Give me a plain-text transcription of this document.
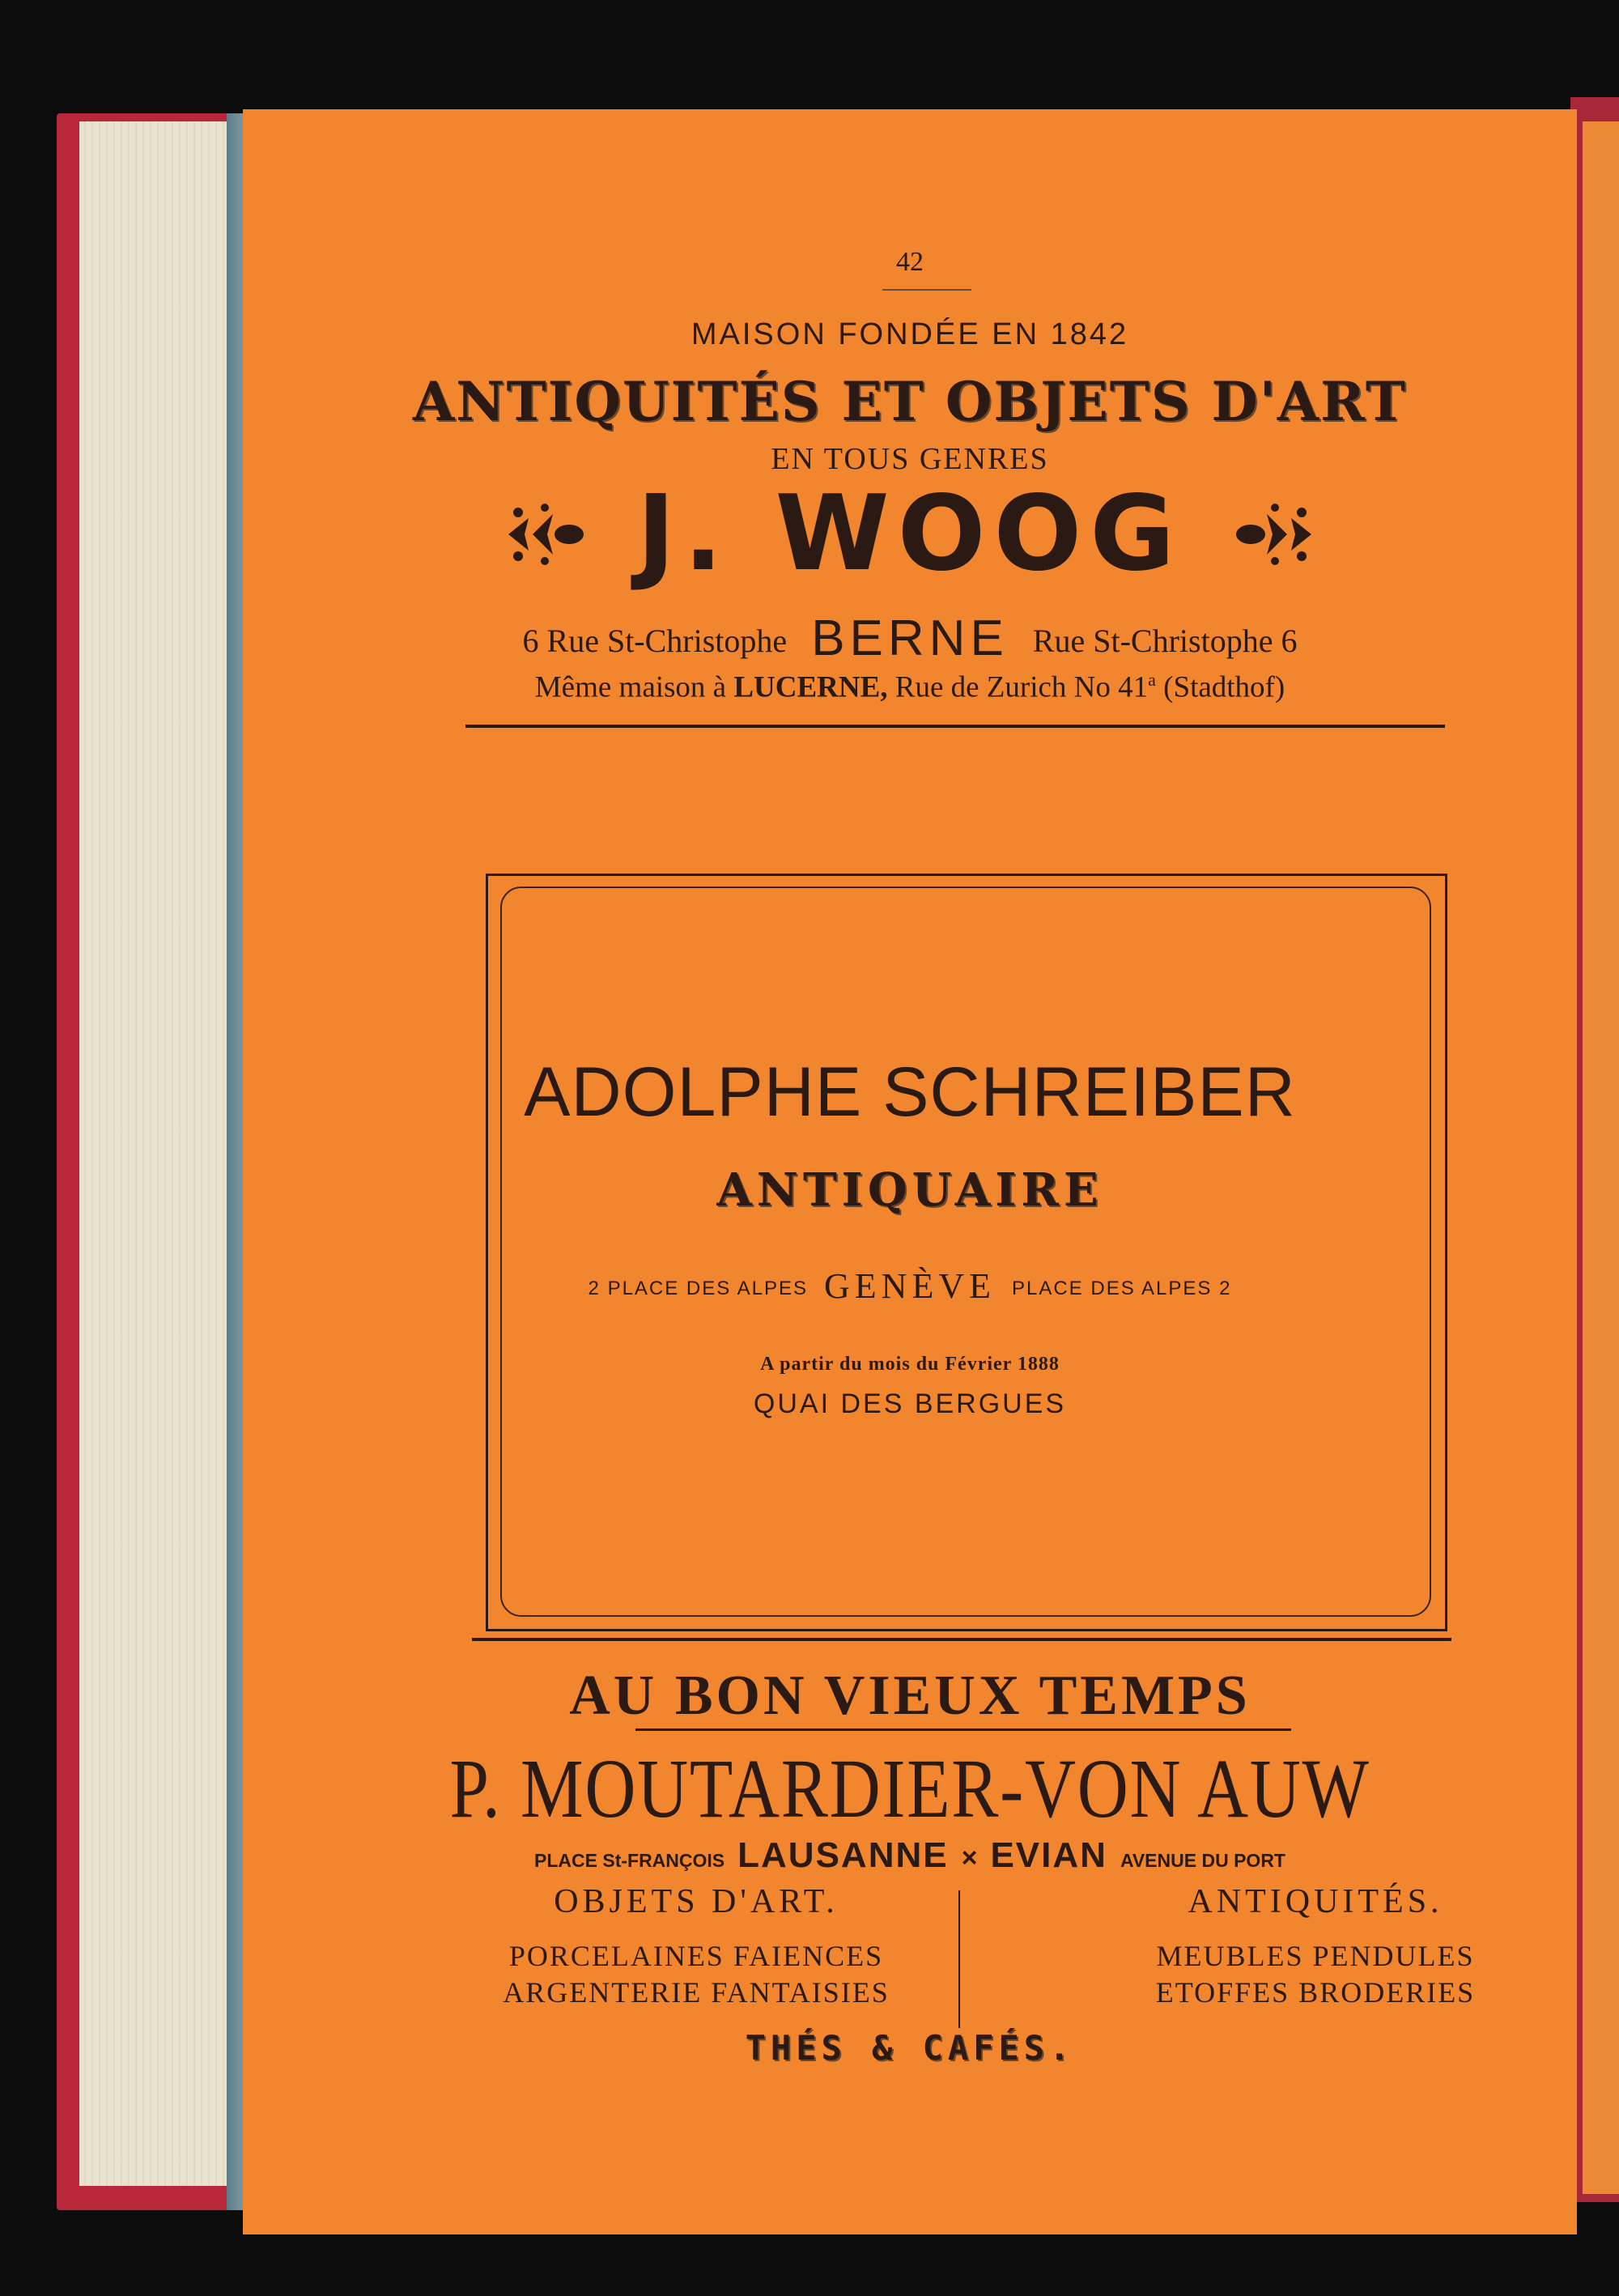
42
MAISON FONDÉE EN 1842
ANTIQUITÉS ET OBJETS D'ART
EN TOUS GENRES
J. WOOG
6 Rue St-Christophe BERNE Rue St-Christophe 6
Même maison à LUCERNE, Rue de Zurich No 41$^a$ (Stadthof)
ADOLPHE SCHREIBER
ANTIQUAIRE
2 PLACE DES ALPES GENÈVE PLACE DES ALPES 2
A partir du mois du Février 1888
QUAI DES BERGUES
AU BON VIEUX TEMPS
P. MOUTARDIER-VON AUW
PLACE St-FRANÇOIS LAUSANNE × EVIAN AVENUE DU PORT
OBJETS D'ART.
PORCELAINES FAIENCES
ARGENTERIE FANTAISIES
ANTIQUITÉS.
MEUBLES PENDULES
ETOFFES BRODERIES
THÉS & CAFÉS.
